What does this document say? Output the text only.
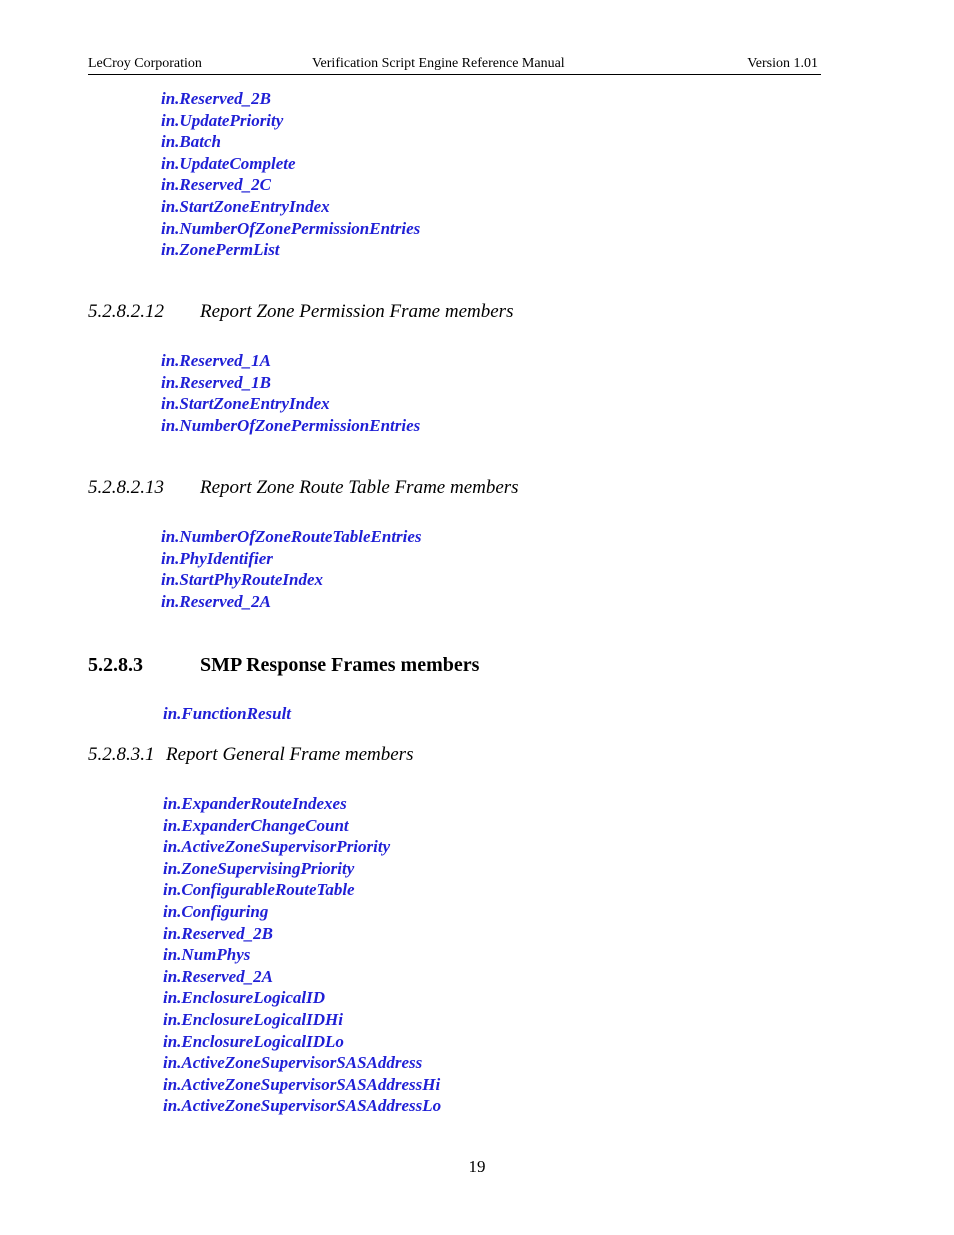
LeCroy Corporation	Verification Script Engine Reference Manual	Version 1.01
in.Reserved_2B
in.UpdatePriority
in.Batch
in.UpdateComplete
in.Reserved_2C
in.StartZoneEntryIndex
in.NumberOfZonePermissionEntries
in.ZonePermList
5.2.8.2.12 Report Zone Permission Frame members
in.Reserved_1A
in.Reserved_1B
in.StartZoneEntryIndex
in.NumberOfZonePermissionEntries
5.2.8.2.13 Report Zone Route Table Frame members
in.NumberOfZoneRouteTableEntries
in.PhyIdentifier
in.StartPhyRouteIndex
in.Reserved_2A
5.2.8.3	SMP Response Frames members
in.FunctionResult
5.2.8.3.1 Report General Frame members
in.ExpanderRouteIndexes
in.ExpanderChangeCount
in.ActiveZoneSupervisorPriority
in.ZoneSupervisingPriority
in.ConfigurableRouteTable
in.Configuring
in.Reserved_2B
in.NumPhys
in.Reserved_2A
in.EnclosureLogicalID
in.EnclosureLogicalIDHi
in.EnclosureLogicalIDLo
in.ActiveZoneSupervisorSASAddress
in.ActiveZoneSupervisorSASAddressHi
in.ActiveZoneSupervisorSASAddressLo
19
